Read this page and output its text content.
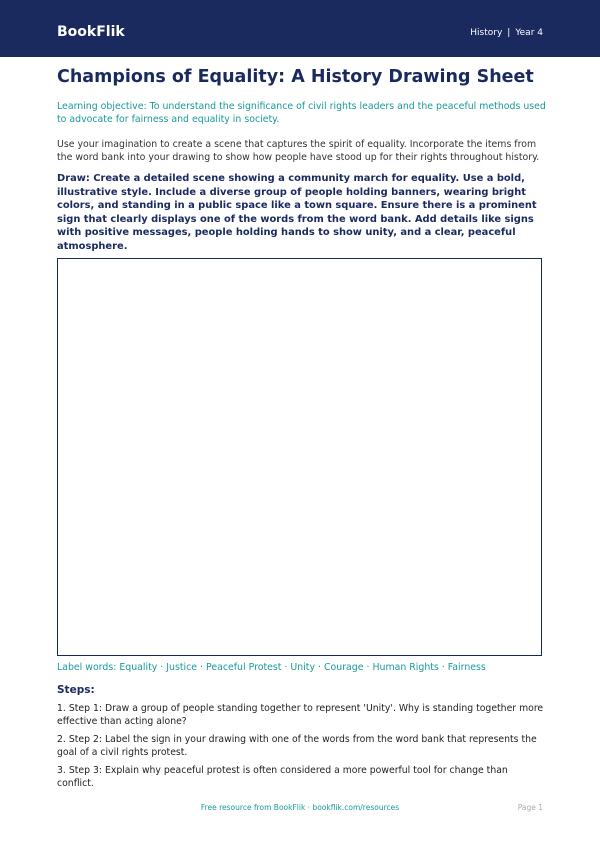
BookFlik	History | Year 4
Champions of Equality: A History Drawing Sheet
Learning objective: To understand the significance of civil rights leaders and the peaceful methods used to advocate for fairness and equality in society.
Use your imagination to create a scene that captures the spirit of equality. Incorporate the items from the word bank into your drawing to show how people have stood up for their rights throughout history.
Draw: Create a detailed scene showing a community march for equality. Use a bold, illustrative style. Include a diverse group of people holding banners, wearing bright colors, and standing in a public space like a town square. Ensure there is a prominent sign that clearly displays one of the words from the word bank. Add details like signs with positive messages, people holding hands to show unity, and a clear, peaceful atmosphere.
Label words: Equality · Justice · Peaceful Protest · Unity · Courage · Human Rights · Fairness
Steps:
1. Step 1: Draw a group of people standing together to represent 'Unity'. Why is standing together more effective than acting alone?
2. Step 2: Label the sign in your drawing with one of the words from the word bank that represents the goal of a civil rights protest.
3. Step 3: Explain why peaceful protest is often considered a more powerful tool for change than conflict.
Free resource from BookFlik · bookflik.com/resources	Page 1
